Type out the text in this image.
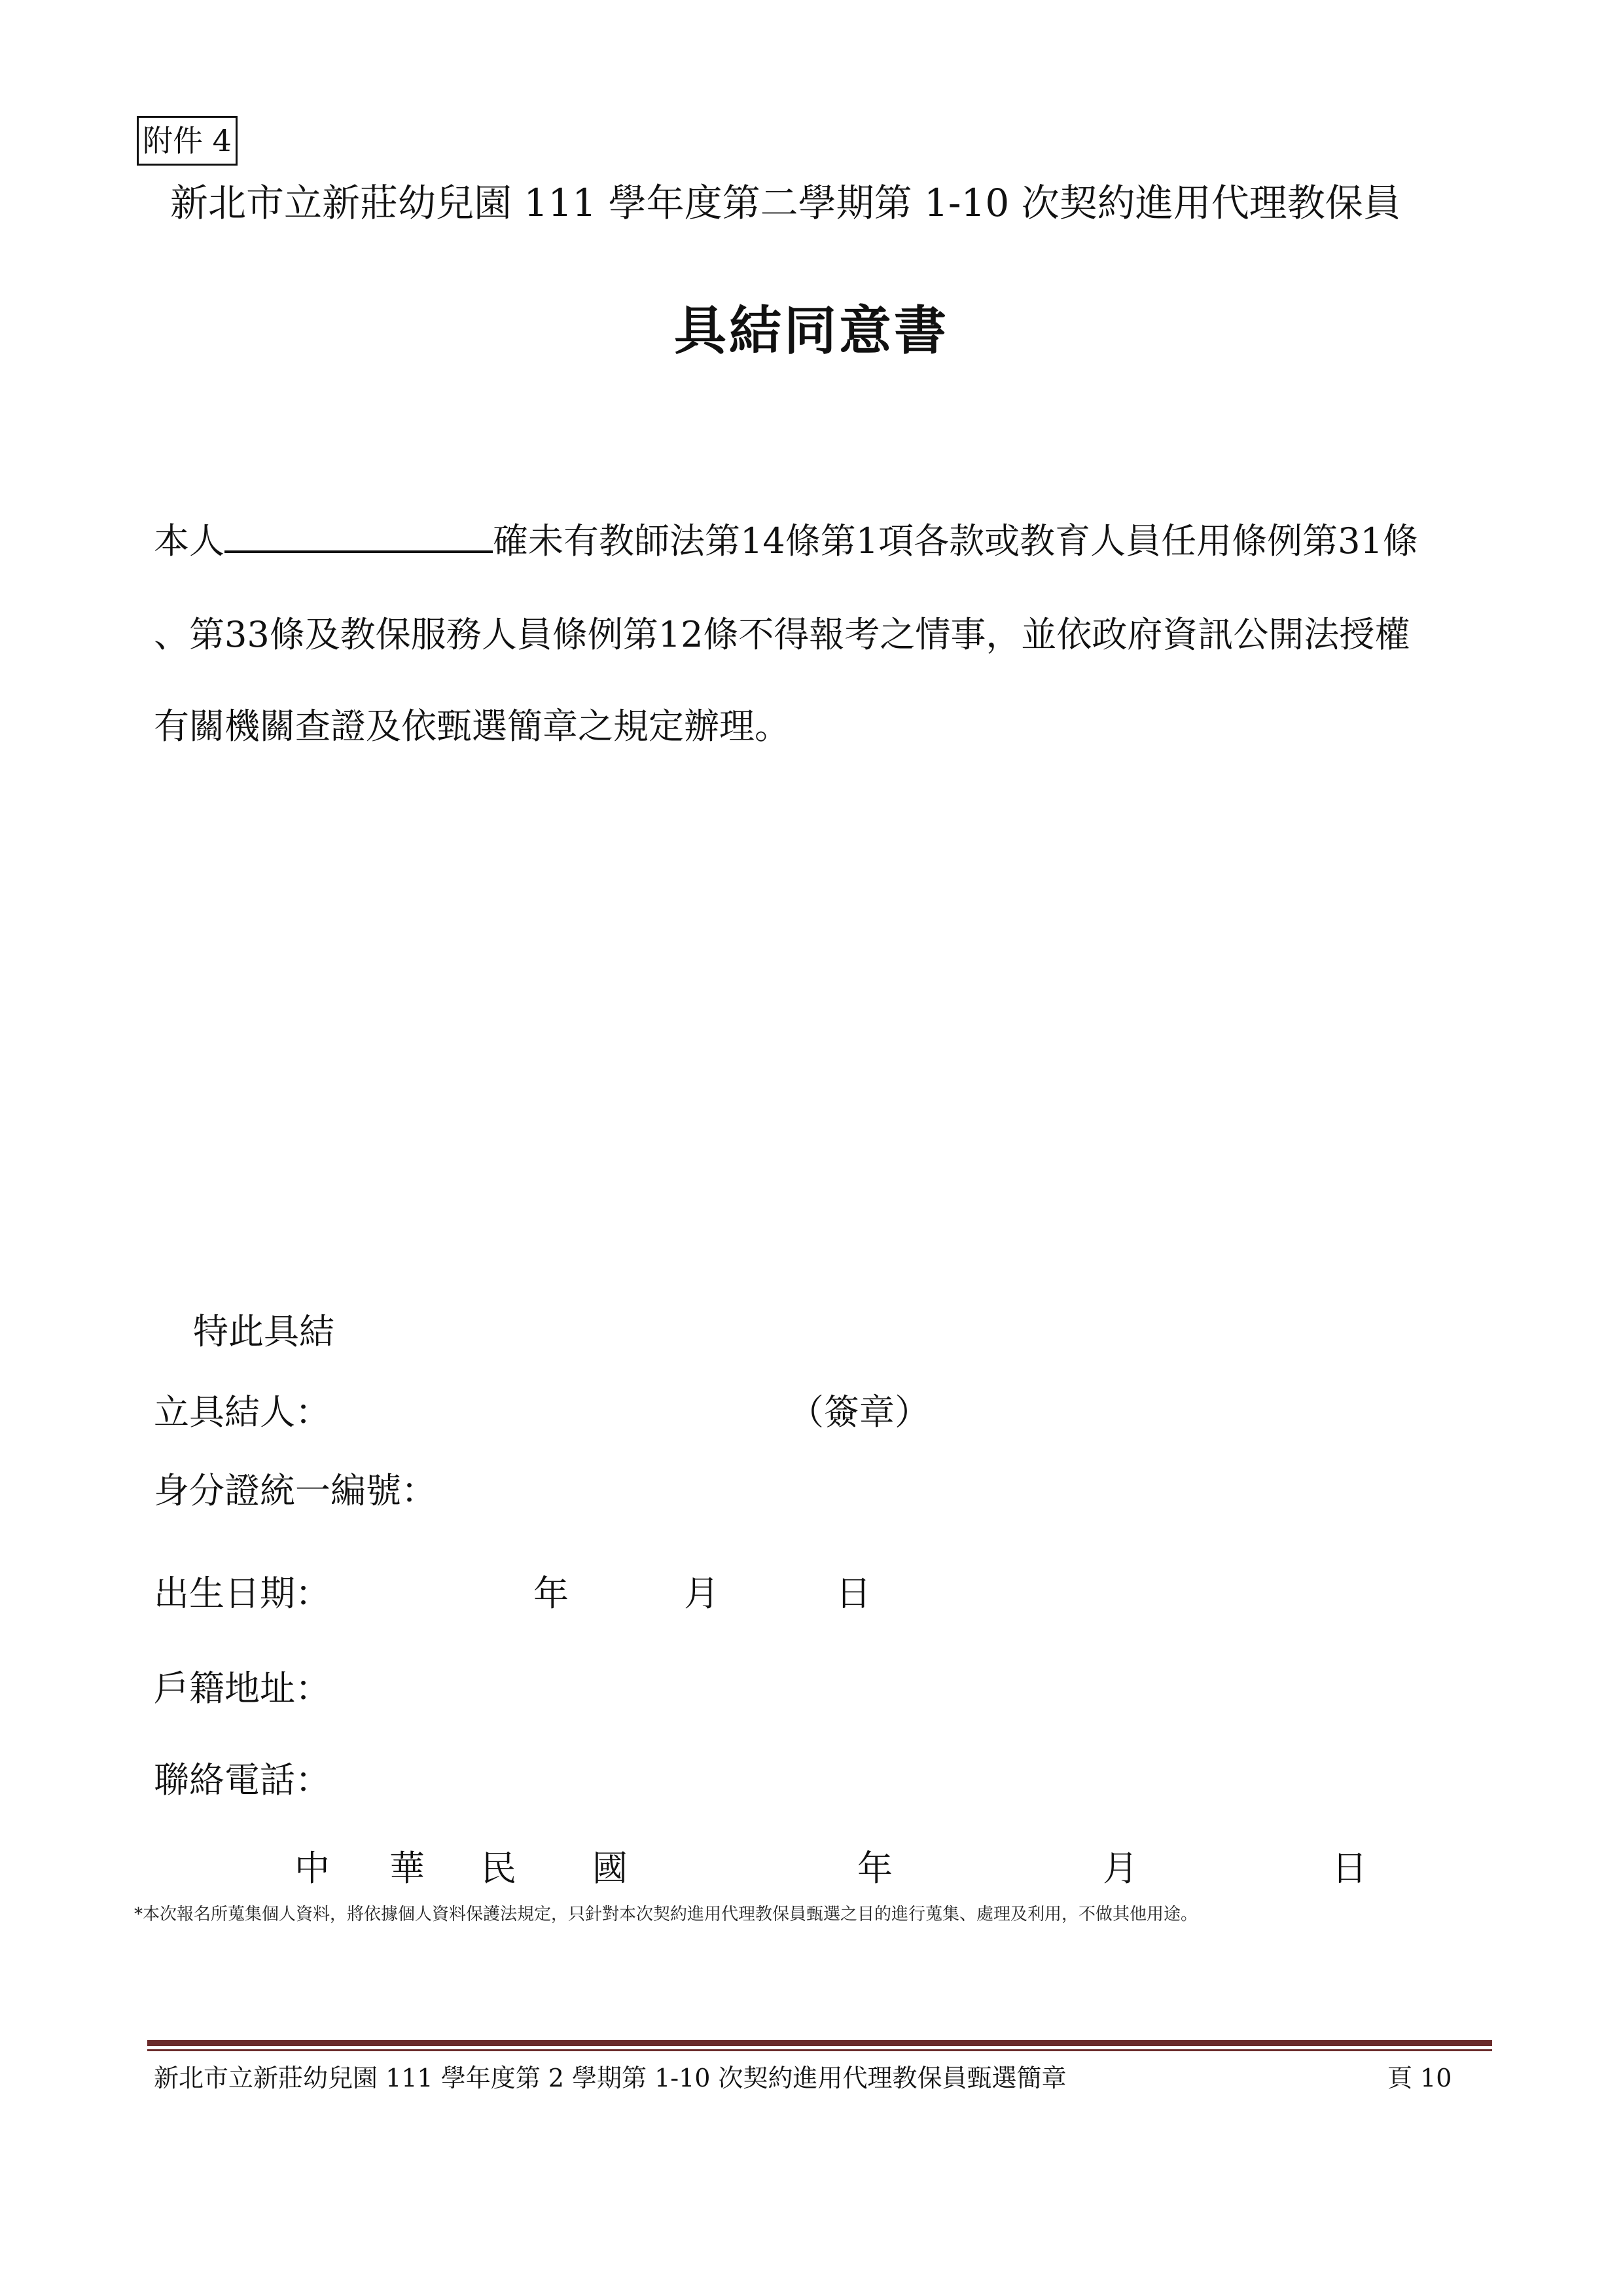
附件 4
新北市立新莊幼兒園 111 學年度第二學期第 1-10 次契約進用代理教保員
具結同意書
本人	確未有教師法第14條第1項各款或教育人員任用條例第31條
、第33條及教保服務人員條例第12條不得報考之情事，並依政府資訊公開法授權
有關機關查證及依甄選簡章之規定辦理。
特此具結
立具結人：	（簽章）
身分證統一編號：
出生日期：	年	月	日
戶籍地址：
聯絡電話：
中 華 民 國	年	月	日
*本次報名所蒐集個人資料，將依據個人資料保護法規定，只針對本次契約進用代理教保員甄選之目的進行蒐集、處理及利用，不做其他用途。
新北市立新莊幼兒園 111 學年度第 2 學期第 1-10 次契約進用代理教保員甄選簡章	頁 10
